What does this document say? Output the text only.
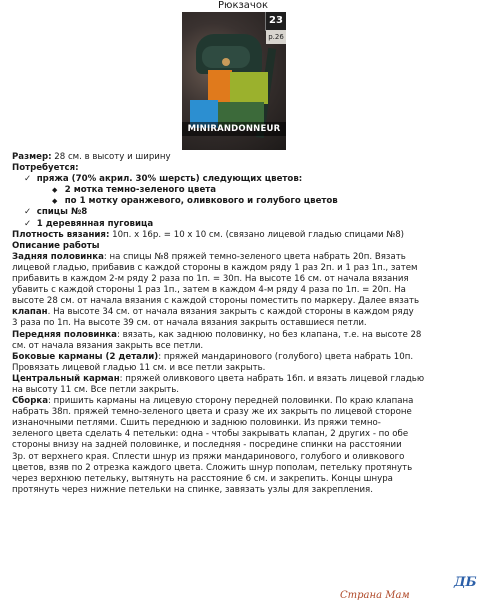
Рюкзачок
23
p.26
MINIRANDONNEUR
Размер: 28 см. в высоту и ширину
Потребуется:
✓ пряжа (70% акрил. 30% шерсть) следующих цветов:
◆ 2 мотка темно-зеленого цвета
◆ по 1 мотку оранжевого, оливкового и голубого цветов
✓ спицы №8
✓ 1 деревянная пуговица
Плотность вязания: 10п. х 16р. = 10 х 10 см. (связано лицевой гладью спицами №8)
Описание работы
Задняя половинка: на спицы №8 пряжей темно-зеленого цвета набрать 20п. Вязать
лицевой гладью, прибавив с каждой стороны в каждом ряду 1 раз 2п. и 1 раз 1п., затем
прибавить в каждом 2-м ряду 2 раза по 1п. = 30п. На высоте 16 см. от начала вязания
убавить с каждой стороны 1 раз 1п., затем в каждом 4-м ряду 4 раза по 1п. = 20п. На
высоте 28 см. от начала вязания с каждой стороны поместить по маркеру. Далее вязать
клапан. На высоте 34 см. от начала вязания закрыть с каждой стороны в каждом ряду
3 раза по 1п. На высоте 39 см. от начала вязания закрыть оставшиеся петли.
Передняя половинка: вязать, как заднюю половинку, но без клапана, т.е. на высоте 28
см. от начала вязания закрыть все петли.
Боковые карманы (2 детали): пряжей мандаринового (голубого) цвета набрать 10п.
Провязать лицевой гладью 11 см. и все петли закрыть.
Центральный карман: пряжей оливкового цвета набрать 16п. и вязать лицевой гладью
на высоту 11 см. Все петли закрыть.
Сборка: пришить карманы на лицевую сторону передней половинки. По краю клапана
набрать 38п. пряжей темно-зеленого цвета и сразу же их закрыть по лицевой стороне
изнаночными петлями. Сшить переднюю и заднюю половинки. Из пряжи темно-
зеленого цвета сделать 4 петельки: одна - чтобы закрывать клапан, 2 других - по обе
стороны внизу на задней половинке, и последняя - посредине спинки на расстоянии
3р. от верхнего края. Сплести шнур из пряжи мандаринового, голубого и оливкового
цветов, взяв по 2 отрезка каждого цвета. Сложить шнур пополам, петельку протянуть
через верхнюю петельку, вытянуть на расстояние 6 см. и закрепить. Концы шнура
протянуть через нижние петельки на спинке, завязать узлы для закрепления.
ДБ
Страна Мам
